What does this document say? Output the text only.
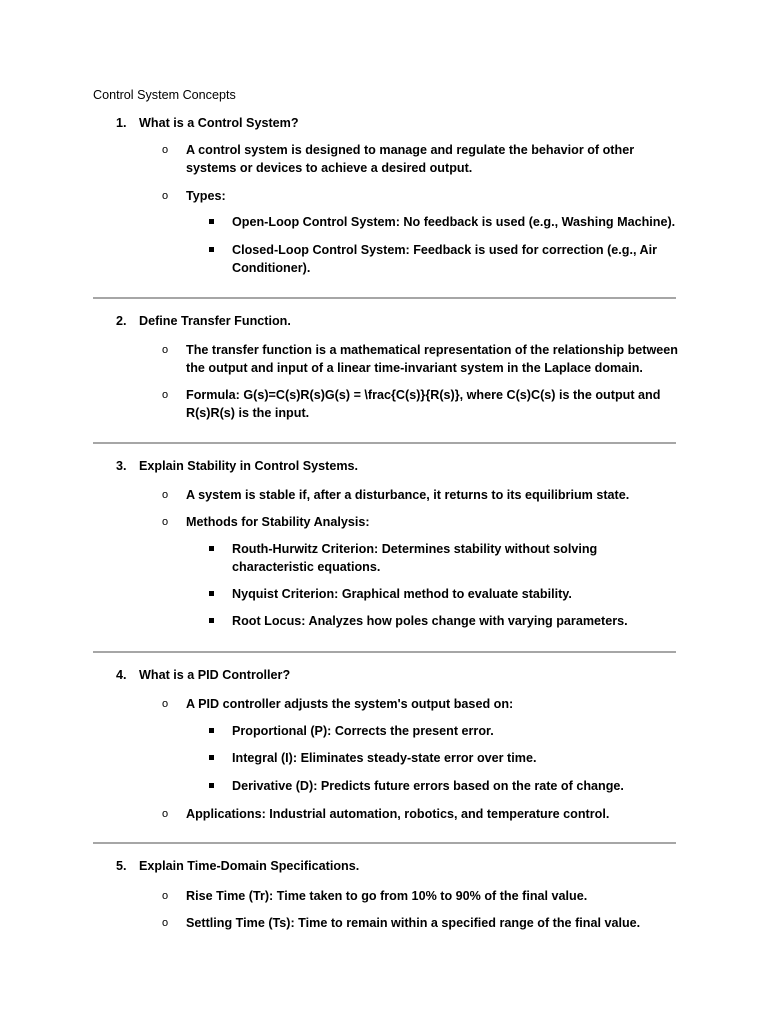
Control System Concepts
1. What is a Control System?
o A control system is designed to manage and regulate the behavior of other systems or devices to achieve a desired output.
o Types:
Open-Loop Control System: No feedback is used (e.g., Washing Machine).
Closed-Loop Control System: Feedback is used for correction (e.g., Air Conditioner).
2. Define Transfer Function.
o The transfer function is a mathematical representation of the relationship between the output and input of a linear time-invariant system in the Laplace domain.
o Formula: G(s)=C(s)R(s)G(s) = \frac{C(s)}{R(s)}, where C(s)C(s) is the output and R(s)R(s) is the input.
3. Explain Stability in Control Systems.
o A system is stable if, after a disturbance, it returns to its equilibrium state.
o Methods for Stability Analysis:
Routh-Hurwitz Criterion: Determines stability without solving characteristic equations.
Nyquist Criterion: Graphical method to evaluate stability.
Root Locus: Analyzes how poles change with varying parameters.
4. What is a PID Controller?
o A PID controller adjusts the system's output based on:
Proportional (P): Corrects the present error.
Integral (I): Eliminates steady-state error over time.
Derivative (D): Predicts future errors based on the rate of change.
o Applications: Industrial automation, robotics, and temperature control.
5. Explain Time-Domain Specifications.
o Rise Time (Tr): Time taken to go from 10% to 90% of the final value.
o Settling Time (Ts): Time to remain within a specified range of the final value.
